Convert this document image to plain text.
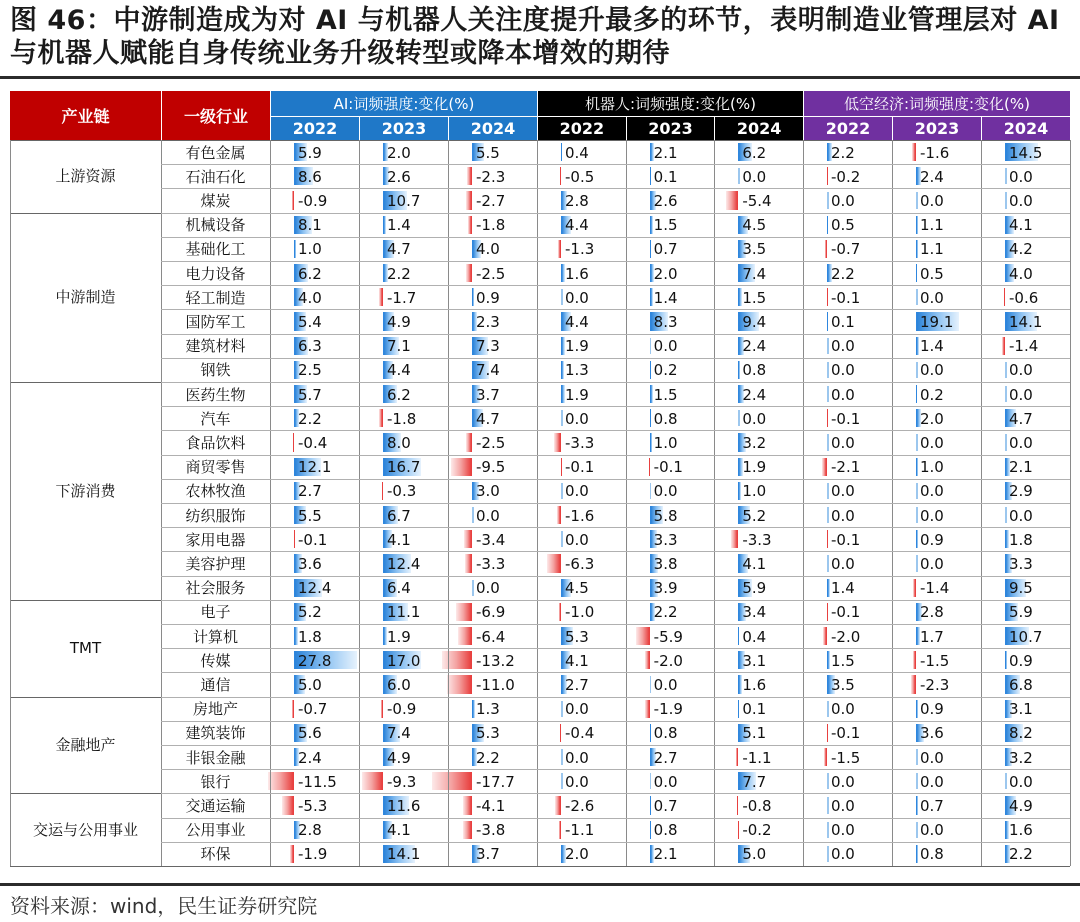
图 46：中游制造成为对 AI 与机器人关注度提升最多的环节，表明制造业管理层对 AI 与机器人赋能自身传统业务升级转型或降本增效的期待
产业链	一级行业
AI:词频强度:变化(%)
2022	2023	2024
机器人:词频强度:变化(%)
2022	2023	2024
低空经济:词频强度:变化(%)
2022	2023	2024
上游资源
有色金属	5.9	2.0	5.5	0.4	2.1	6.2	2.2	-1.6	14.5
石油石化	8.6	2.6	-2.3	-0.5	0.1	0.0	-0.2	2.4	0.0
煤炭	-0.9	10.7	-2.7	2.8	2.6	-5.4	0.0	0.0	0.0
中游制造
机械设备	8.1	1.4	-1.8	4.4	1.5	4.5	0.5	1.1	4.1
基础化工	1.0	4.7	4.0	-1.3	0.7	3.5	-0.7	1.1	4.2
电力设备	6.2	2.2	-2.5	1.6	2.0	7.4	2.2	0.5	4.0
轻工制造	4.0	-1.7	0.9	0.0	1.4	1.5	-0.1	0.0	-0.6
国防军工	5.4	4.9	2.3	4.4	8.3	9.4	0.1	19.1	14.1
建筑材料	6.3	7.1	7.3	1.9	0.0	2.4	0.0	1.4	-1.4
钢铁	2.5	4.4	7.4	1.3	0.2	0.8	0.0	0.0	0.0
下游消费
医药生物	5.7	6.2	3.7	1.9	1.5	2.4	0.0	0.2	0.0
汽车	2.2	-1.8	4.7	0.0	0.8	0.0	-0.1	2.0	4.7
食品饮料	-0.4	8.0	-2.5	-3.3	1.0	3.2	0.0	0.0	0.0
商贸零售	12.1	16.7	-9.5	-0.1	-0.1	1.9	-2.1	1.0	2.1
农林牧渔	2.7	-0.3	3.0	0.0	0.0	1.0	0.0	0.0	2.9
纺织服饰	5.5	6.7	0.0	-1.6	5.8	5.2	0.0	0.0	0.0
家用电器	-0.1	4.1	-3.4	0.0	3.3	-3.3	-0.1	0.9	1.8
美容护理	3.6	12.4	-3.3	-6.3	3.8	4.1	0.0	0.0	3.3
社会服务	12.4	6.4	0.0	4.5	3.9	5.9	1.4	-1.4	9.5
TMT
电子	5.2	11.1	-6.9	-1.0	2.2	3.4	-0.1	2.8	5.9
计算机	1.8	1.9	-6.4	5.3	-5.9	0.4	-2.0	1.7	10.7
传媒	27.8	17.0	-13.2	4.1	-2.0	3.1	1.5	-1.5	0.9
通信	5.0	6.0	-11.0	2.7	0.0	1.6	3.5	-2.3	6.8
金融地产
房地产	-0.7	-0.9	1.3	0.0	-1.9	0.1	0.0	0.9	3.1
建筑装饰	5.6	7.4	5.3	-0.4	0.8	5.1	-0.1	3.6	8.2
非银金融	2.4	4.9	2.2	0.0	2.7	-1.1	-1.5	0.0	3.2
银行	-11.5	-9.3	-17.7	0.0	0.0	7.7	0.0	0.0	0.0
交运与公用事业
交通运输	-5.3	11.6	-4.1	-2.6	0.7	-0.8	0.0	0.7	4.9
公用事业	2.8	4.1	-3.8	-1.1	0.8	-0.2	0.0	0.0	1.6
环保	-1.9	14.1	3.7	2.0	2.1	5.0	0.0	0.8	2.2
资料来源：wind，民生证券研究院
